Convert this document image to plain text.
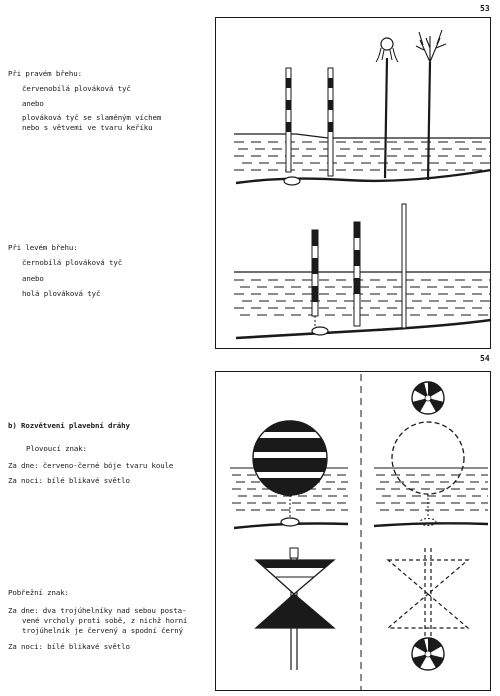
53
54
Při pravém břehu:
červenobílá plováková tyč
anebo
plováková tyč se slaměným víchem
nebo s větvemi ve tvaru keříku
Při levém břehu:
černobílá plováková tyč
anebo
holá plováková tyč
b) Rozvětvení plavební dráhy
Plovoucí znak:
Za dne: červeno-černé bóje tvaru koule
Za noci: bílé blikavé světlo
Pobřežní znak:
Za dne: dva trojúhelníky nad sebou posta-
vené vrcholy proti sobě, z nichž horní
trojúhelník je červený a spodní černý
Za noci: bílé blikavé světlo
